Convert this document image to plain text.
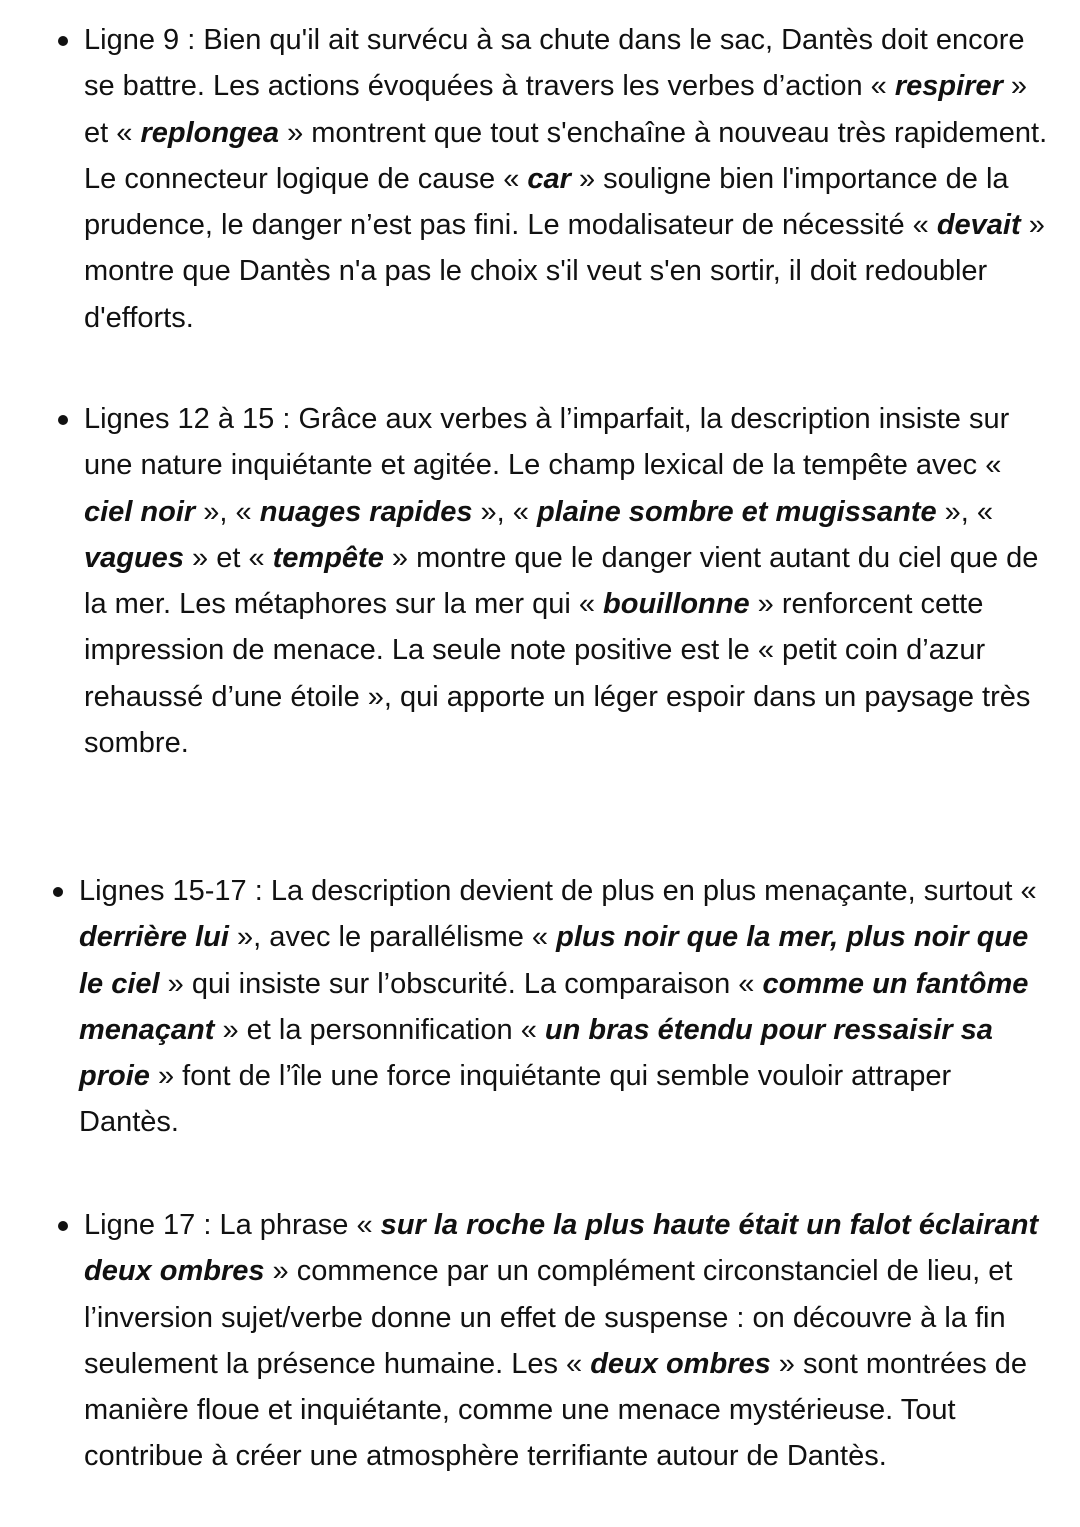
Ligne 9 : Bien qu'il ait survécu à sa chute dans le sac, Dantès doit encore se battre. Les actions évoquées à travers les verbes d’action « respirer » et « replongea » montrent que tout s'enchaîne à nouveau très rapidement. Le connecteur logique de cause « car » souligne bien l'importance de la prudence, le danger n’est pas fini. Le modalisateur de nécessité « devait » montre que Dantès n'a pas le choix s'il veut s'en sortir, il doit redoubler d'efforts.

Lignes 12 à 15 : Grâce aux verbes à l’imparfait, la description insiste sur une nature inquiétante et agitée. Le champ lexical de la tempête avec « ciel noir », « nuages rapides », « plaine sombre et mugissante », « vagues » et « tempête » montre que le danger vient autant du ciel que de la mer. Les métaphores sur la mer qui « bouillonne » renforcent cette impression de menace. La seule note positive est le « petit coin d’azur rehaussé d’une étoile », qui apporte un léger espoir dans un paysage très sombre.

Lignes 15-17 : La description devient de plus en plus menaçante, surtout « derrière lui », avec le parallélisme « plus noir que la mer, plus noir que le ciel » qui insiste sur l’obscurité. La comparaison « comme un fantôme menaçant » et la personnification « un bras étendu pour ressaisir sa proie » font de l’île une force inquiétante qui semble vouloir attraper Dantès.

Ligne 17 : La phrase « sur la roche la plus haute était un falot éclairant deux ombres » commence par un complément circonstanciel de lieu, et l’inversion sujet/verbe donne un effet de suspense : on découvre à la fin seulement la présence humaine. Les « deux ombres » sont montrées de manière floue et inquiétante, comme une menace mystérieuse. Tout contribue à créer une atmosphère terrifiante autour de Dantès.
